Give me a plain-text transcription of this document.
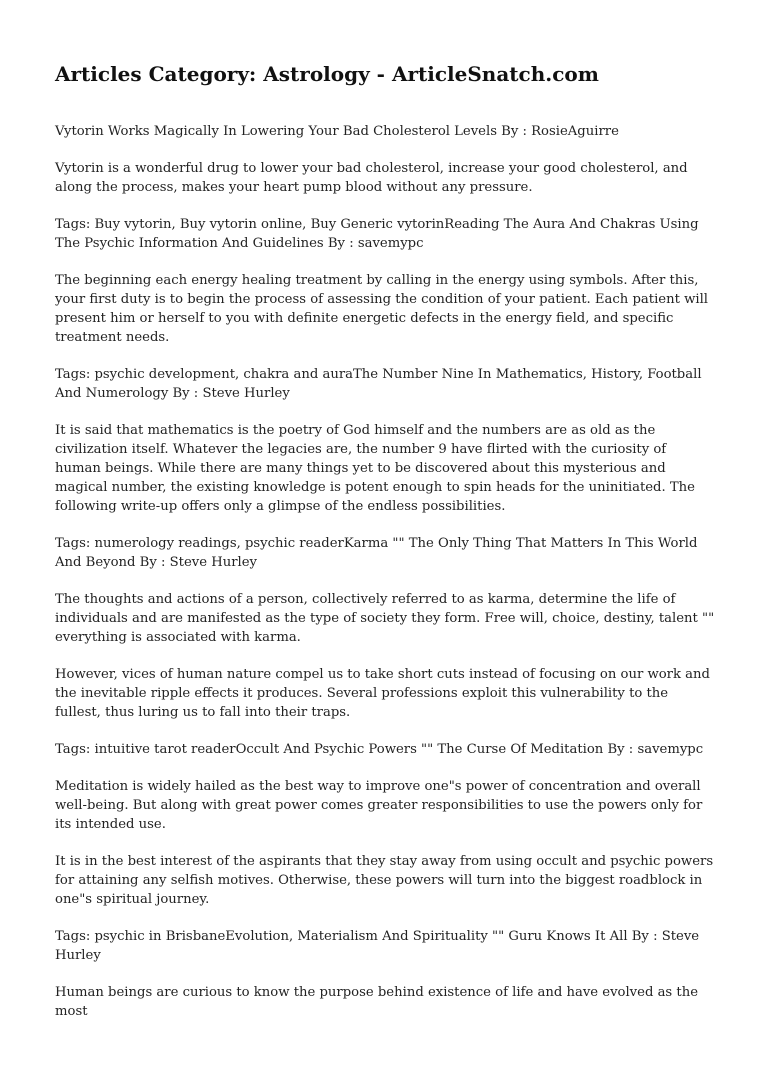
Articles Category: Astrology - ArticleSnatch.com

Vytorin Works Magically In Lowering Your Bad Cholesterol Levels By : RosieAguirre

Vytorin is a wonderful drug to lower your bad cholesterol, increase your good cholesterol, and along the process, makes your heart pump blood without any pressure.

Tags: Buy vytorin, Buy vytorin online, Buy Generic vytorinReading The Aura And Chakras Using The Psychic Information And Guidelines By : savemypc

The beginning each energy healing treatment by calling in the energy using symbols. After this, your first duty is to begin the process of assessing the condition of your patient. Each patient will present him or herself to you with definite energetic defects in the energy field, and specific treatment needs.

Tags: psychic development, chakra and auraThe Number Nine In Mathematics, History, Football And Numerology By : Steve Hurley

It is said that mathematics is the poetry of God himself and the numbers are as old as the civilization itself. Whatever the legacies are, the number 9 have flirted with the curiosity of human beings. While there are many things yet to be discovered about this mysterious and magical number, the existing knowledge is potent enough to spin heads for the uninitiated. The following write-up offers only a glimpse of the endless possibilities.

Tags: numerology readings, psychic readerKarma "" The Only Thing That Matters In This World And Beyond By : Steve Hurley

The thoughts and actions of a person, collectively referred to as karma, determine the life of individuals and are manifested as the type of society they form. Free will, choice, destiny, talent "" everything is associated with karma.

However, vices of human nature compel us to take short cuts instead of focusing on our work and the inevitable ripple effects it produces. Several professions exploit this vulnerability to the fullest, thus luring us to fall into their traps.

Tags: intuitive tarot readerOccult And Psychic Powers "" The Curse Of Meditation By : savemypc

Meditation is widely hailed as the best way to improve one"s power of concentration and overall well-being. But along with great power comes greater responsibilities to use the powers only for its intended use.

It is in the best interest of the aspirants that they stay away from using occult and psychic powers for attaining any selfish motives. Otherwise, these powers will turn into the biggest roadblock in one"s spiritual journey.

Tags: psychic in BrisbaneEvolution, Materialism And Spirituality "" Guru Knows It All By : Steve Hurley

Human beings are curious to know the purpose behind existence of life and have evolved as the most
